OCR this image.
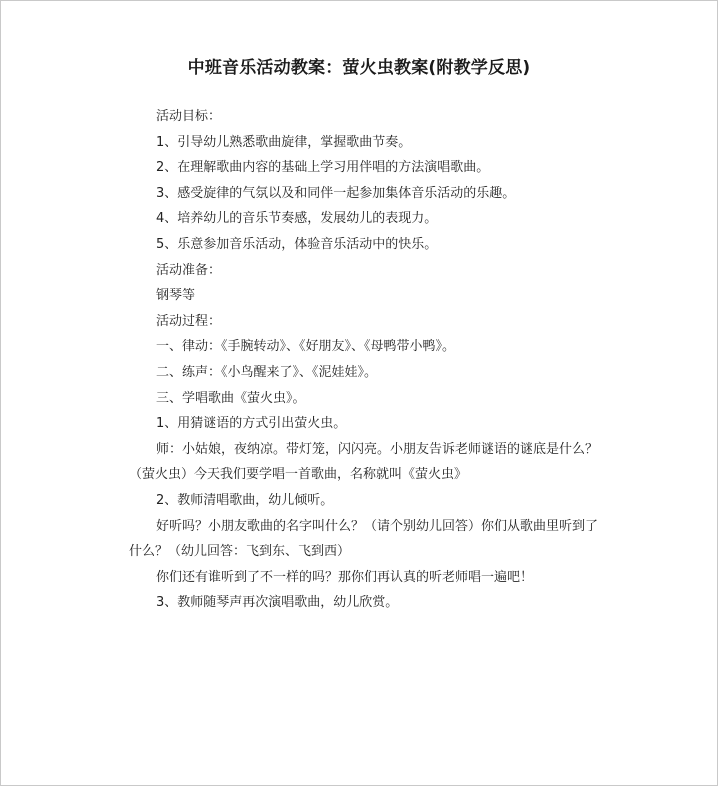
中班音乐活动教案：萤火虫教案(附教学反思)
活动目标：
1、引导幼儿熟悉歌曲旋律，掌握歌曲节奏。
2、在理解歌曲内容的基础上学习用伴唱的方法演唱歌曲。
3、感受旋律的气氛以及和同伴一起参加集体音乐活动的乐趣。
4、培养幼儿的音乐节奏感，发展幼儿的表现力。
5、乐意参加音乐活动，体验音乐活动中的快乐。
活动准备：
钢琴等
活动过程：
一、律动：《手腕转动》、《好朋友》、《母鸭带小鸭》。
二、练声：《小鸟醒来了》、《泥娃娃》。
三、学唱歌曲《萤火虫》。
1、用猜谜语的方式引出萤火虫。
师：小姑娘，夜纳凉。带灯笼，闪闪亮。小朋友告诉老师谜语的谜底是什么？
（萤火虫）今天我们要学唱一首歌曲，名称就叫《萤火虫》
2、教师清唱歌曲，幼儿倾听。
好听吗？小朋友歌曲的名字叫什么？（请个别幼儿回答）你们从歌曲里听到了
什么？（幼儿回答：飞到东、飞到西）
你们还有谁听到了不一样的吗？那你们再认真的听老师唱一遍吧！
3、教师随琴声再次演唱歌曲，幼儿欣赏。
